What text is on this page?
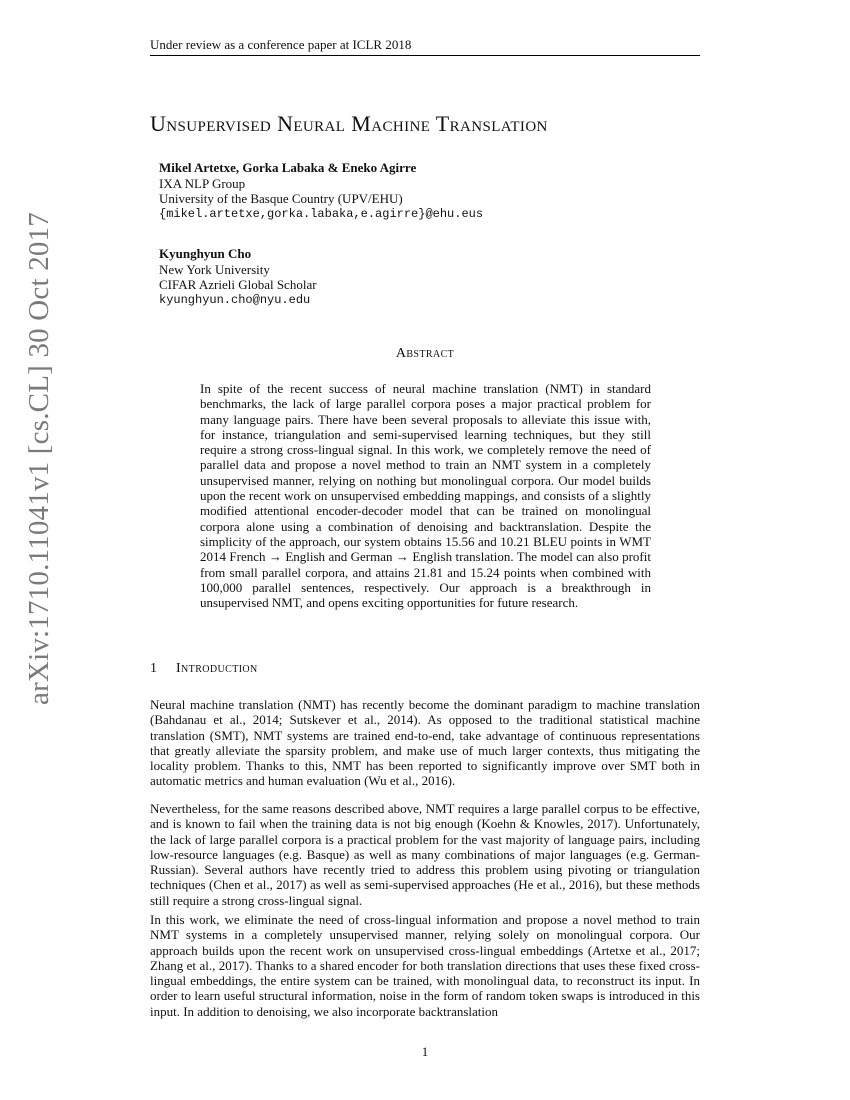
Under review as a conference paper at ICLR 2018
arXiv:1710.11041v1 [cs.CL] 30 Oct 2017
Unsupervised Neural Machine Translation
Mikel Artetxe, Gorka Labaka & Eneko Agirre
IXA NLP Group
University of the Basque Country (UPV/EHU)
{mikel.artetxe,gorka.labaka,e.agirre}@ehu.eus
Kyunghyun Cho
New York University
CIFAR Azrieli Global Scholar
kyunghyun.cho@nyu.edu
Abstract
In spite of the recent success of neural machine translation (NMT) in standard benchmarks, the lack of large parallel corpora poses a major practical problem for many language pairs. There have been several proposals to alleviate this issue with, for instance, triangulation and semi-supervised learning techniques, but they still require a strong cross-lingual signal. In this work, we completely remove the need of parallel data and propose a novel method to train an NMT system in a completely unsupervised manner, relying on nothing but monolingual corpora. Our model builds upon the recent work on unsupervised embedding mappings, and consists of a slightly modified attentional encoder-decoder model that can be trained on monolingual corpora alone using a combination of denoising and backtranslation. Despite the simplicity of the approach, our system obtains 15.56 and 10.21 BLEU points in WMT 2014 French → English and German → English translation. The model can also profit from small parallel corpora, and attains 21.81 and 15.24 points when combined with 100,000 parallel sentences, respectively. Our approach is a breakthrough in unsupervised NMT, and opens exciting opportunities for future research.
1 Introduction

Neural machine translation (NMT) has recently become the dominant paradigm to machine translation (Bahdanau et al., 2014; Sutskever et al., 2014). As opposed to the traditional statistical machine translation (SMT), NMT systems are trained end-to-end, take advantage of continuous representations that greatly alleviate the sparsity problem, and make use of much larger contexts, thus mitigating the locality problem. Thanks to this, NMT has been reported to significantly improve over SMT both in automatic metrics and human evaluation (Wu et al., 2016).

Nevertheless, for the same reasons described above, NMT requires a large parallel corpus to be effective, and is known to fail when the training data is not big enough (Koehn & Knowles, 2017). Unfortunately, the lack of large parallel corpora is a practical problem for the vast majority of language pairs, including low-resource languages (e.g. Basque) as well as many combinations of major languages (e.g. German-Russian). Several authors have recently tried to address this problem using pivoting or triangulation techniques (Chen et al., 2017) as well as semi-supervised approaches (He et al., 2016), but these methods still require a strong cross-lingual signal.

In this work, we eliminate the need of cross-lingual information and propose a novel method to train NMT systems in a completely unsupervised manner, relying solely on monolingual corpora. Our approach builds upon the recent work on unsupervised cross-lingual embeddings (Artetxe et al., 2017; Zhang et al., 2017). Thanks to a shared encoder for both translation directions that uses these fixed cross-lingual embeddings, the entire system can be trained, with monolingual data, to reconstruct its input. In order to learn useful structural information, noise in the form of random token swaps is introduced in this input. In addition to denoising, we also incorporate backtranslation

1
